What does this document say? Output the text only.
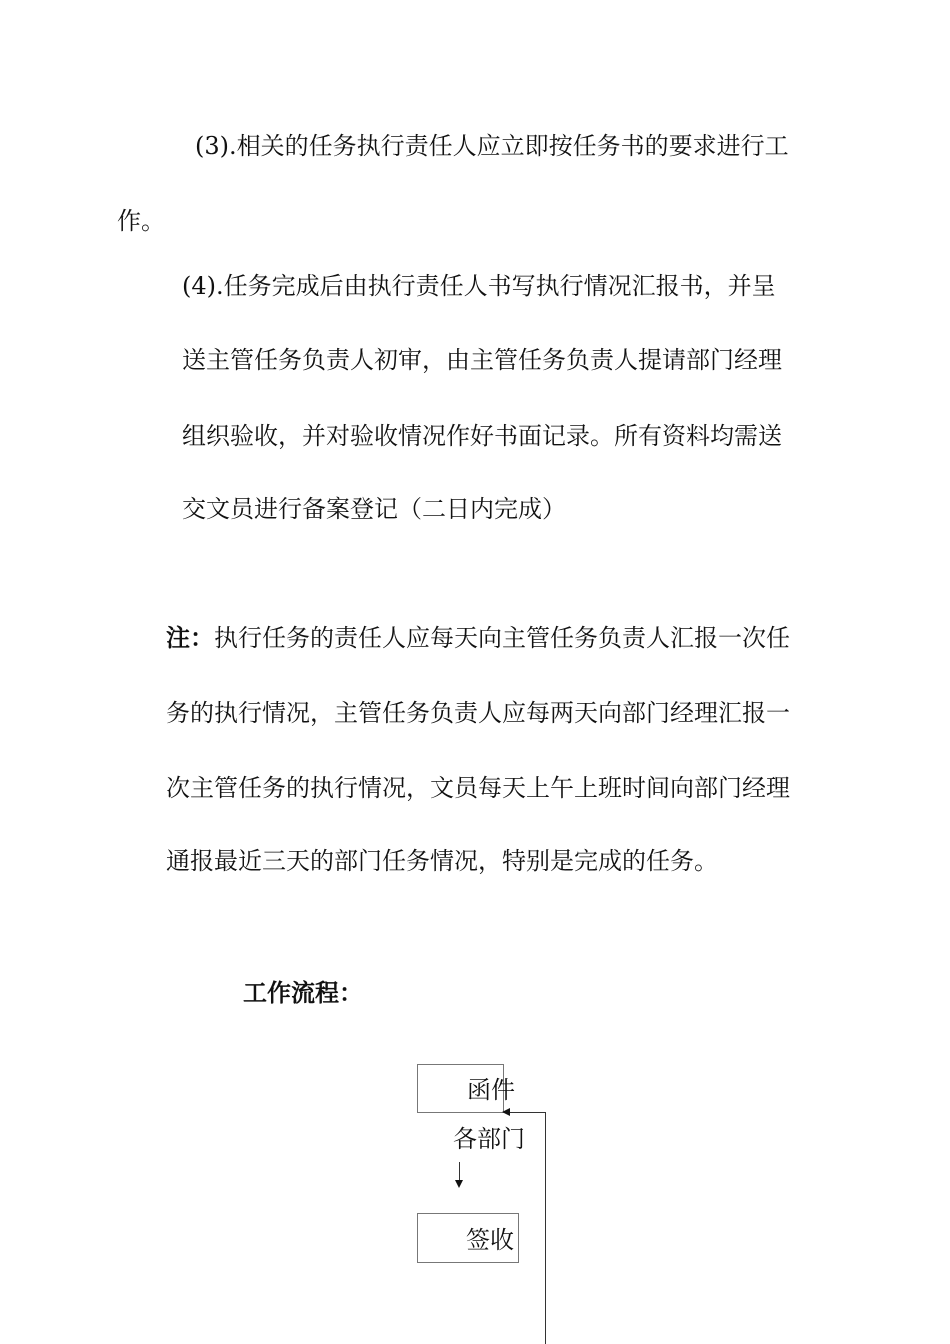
(3).相关的任务执行责任人应立即按任务书的要求进行工
作。
(4).任务完成后由执行责任人书写执行情况汇报书，并呈
送主管任务负责人初审，由主管任务负责人提请部门经理
组织验收，并对验收情况作好书面记录。所有资料均需送
交文员进行备案登记（二日内完成）
注：执行任务的责任人应每天向主管任务负责人汇报一次任
务的执行情况，主管任务负责人应每两天向部门经理汇报一
次主管任务的执行情况，文员每天上午上班时间向部门经理
通报最近三天的部门任务情况，特别是完成的任务。
工作流程：
函件
各部门
签收
